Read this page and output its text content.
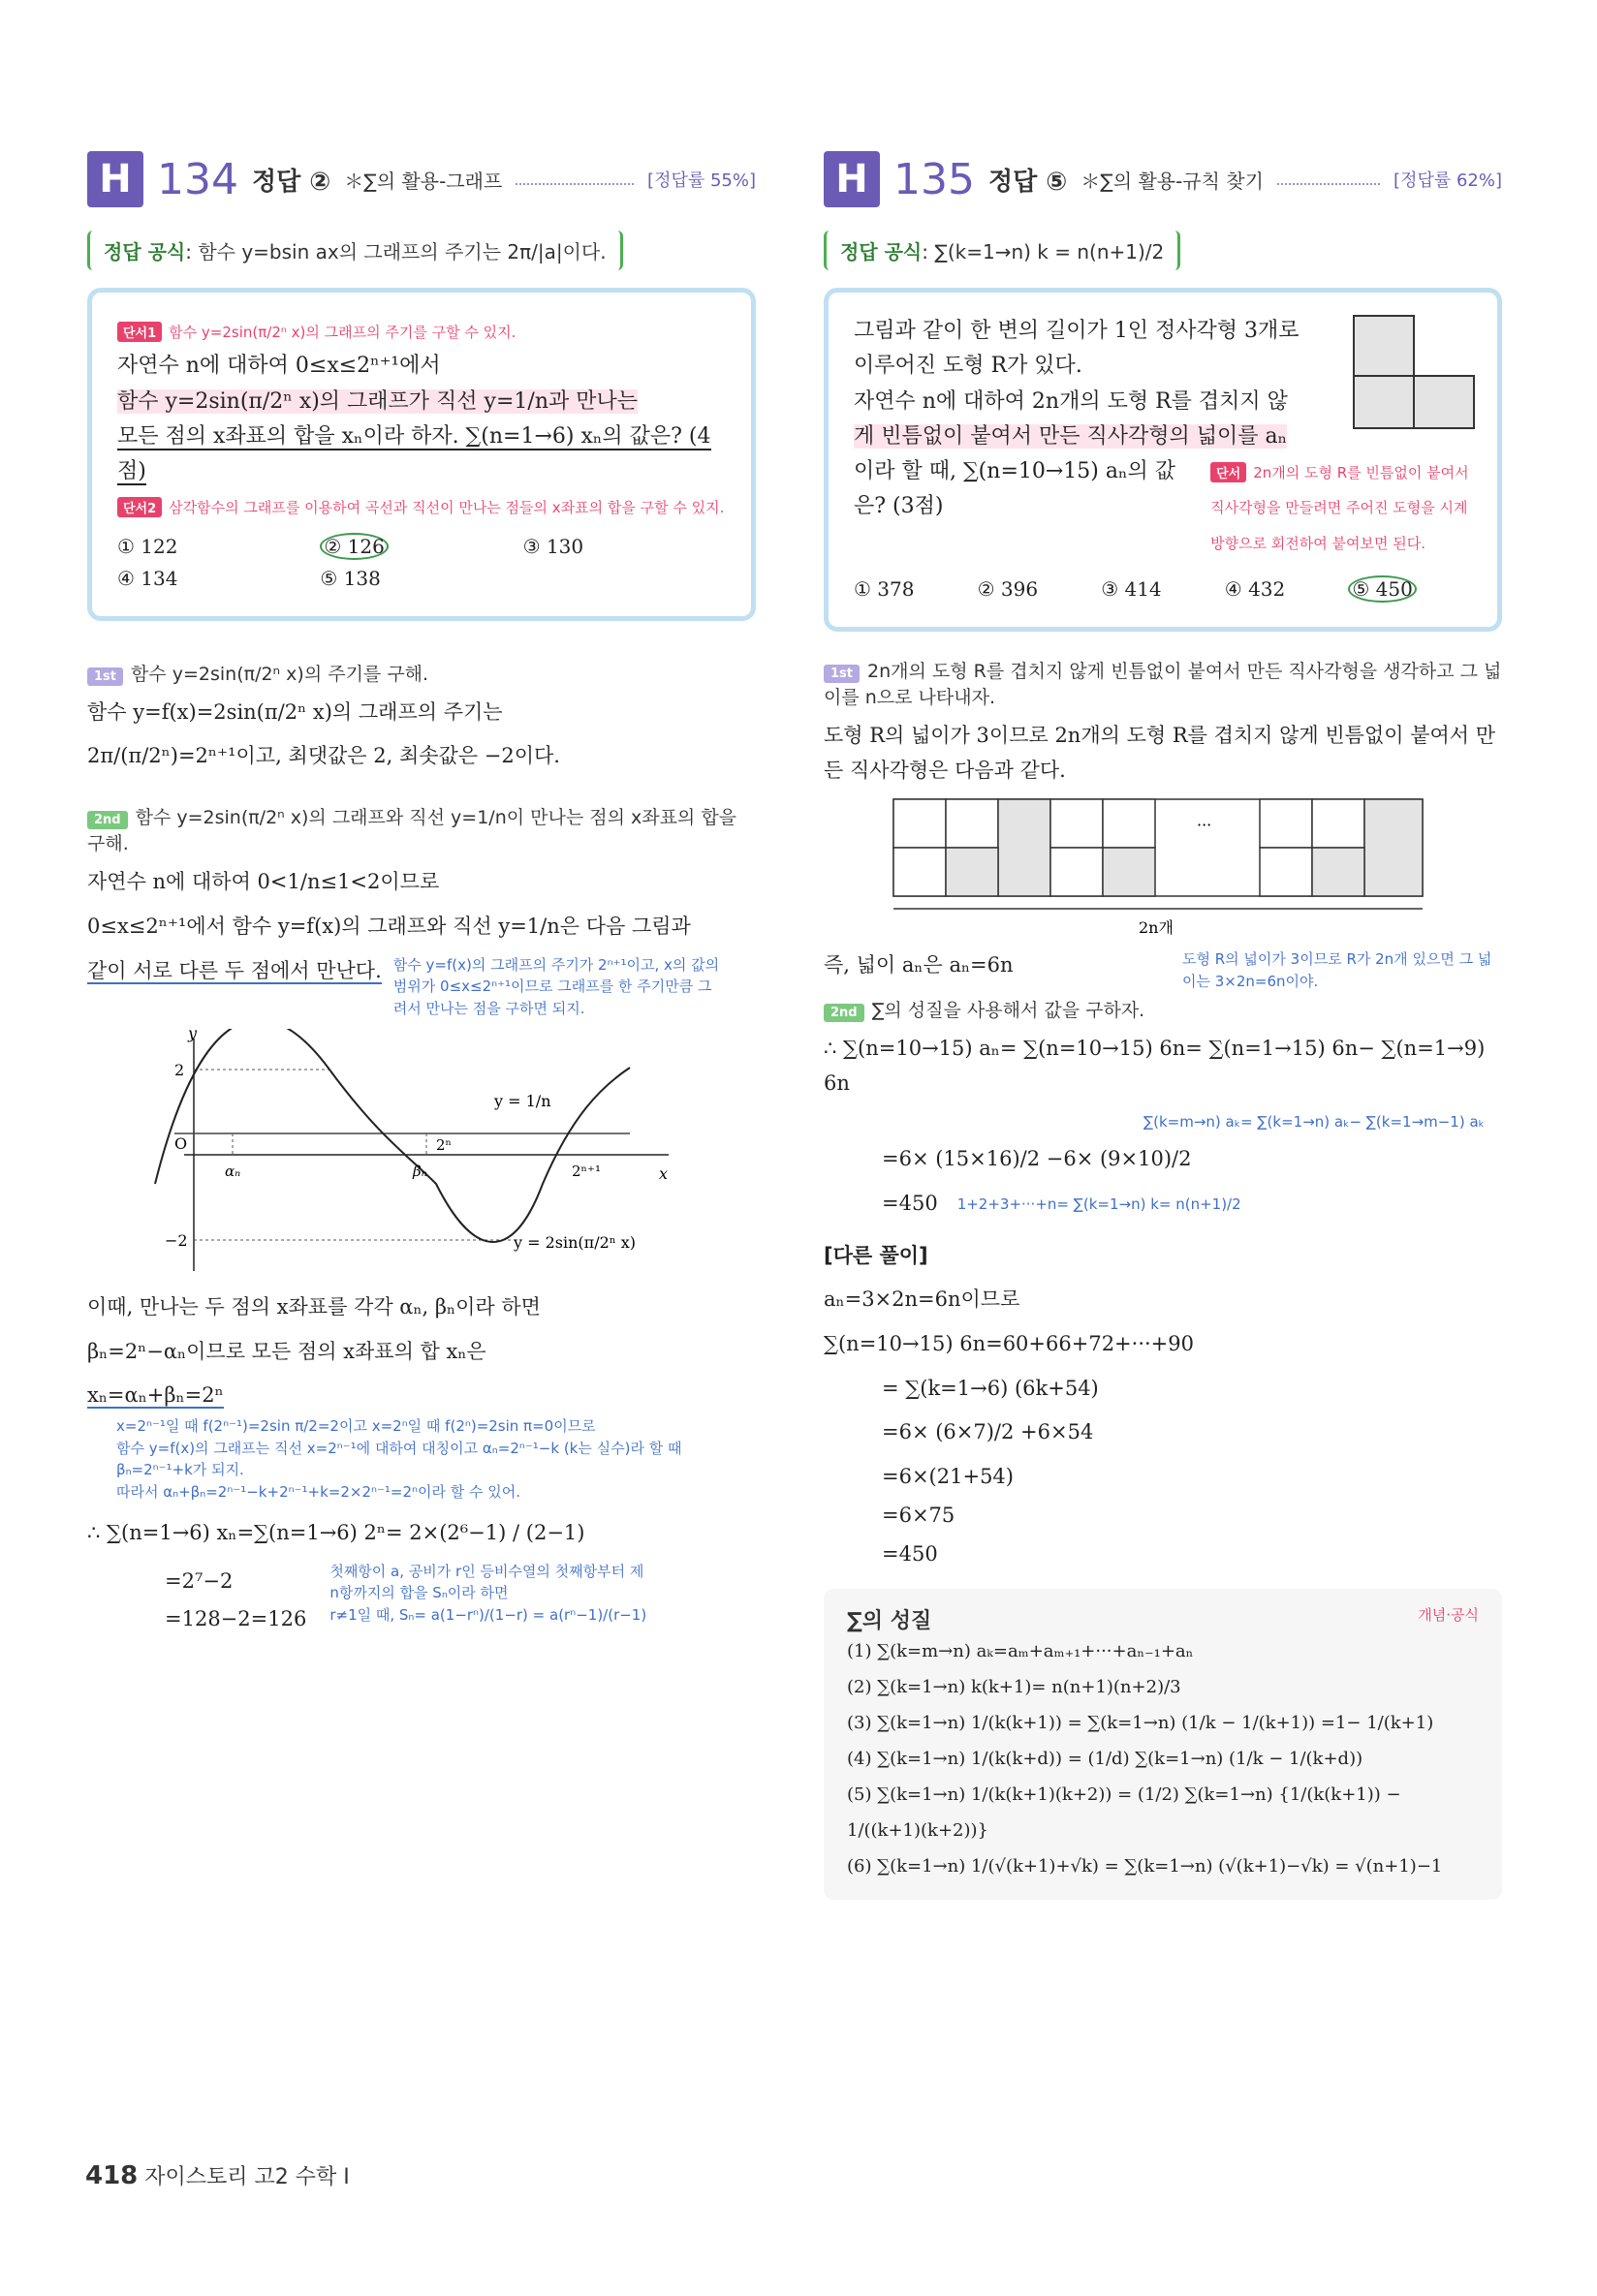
H 134 정답 ② ＊∑의 활용-그래프	[정답률 55%]
정답 공식: 함수 y=bsin ax의 그래프의 주기는 2π/|a|이다.
단서1 함수 y=2sin(π/2ⁿ x)의 그래프의 주기를 구할 수 있지.
자연수 n에 대하여 0≤x≤2ⁿ⁺¹에서
함수 y=2sin(π/2ⁿ x)의 그래프가 직선 y=1/n과 만나는
모든 점의 x좌표의 합을 xₙ이라 하자. ∑(n=1→6) xₙ의 값은? (4점)
단서2 삼각함수의 그래프를 이용하여 곡선과 직선이 만나는 점들의 x좌표의 합을 구할 수 있지.
① 122	② 126	③ 130
④ 134	⑤ 138
1st 함수 y=2sin(π/2ⁿ x)의 주기를 구해.
함수 y=f(x)=2sin(π/2ⁿ x)의 그래프의 주기는
2π/(π/2ⁿ)=2ⁿ⁺¹이고, 최댓값은 2, 최솟값은 −2이다.
2nd 함수 y=2sin(π/2ⁿ x)의 그래프와 직선 y=1/n이 만나는 점의 x좌표의 합을 구해.
자연수 n에 대하여 0<1/n≤1<2이므로
0≤x≤2ⁿ⁺¹에서 함수 y=f(x)의 그래프와 직선 y=1/n은 다음 그림과
같이 서로 다른 두 점에서 만난다. 함수 y=f(x)의 그래프의 주기가 2ⁿ⁺¹이고, x의 값의 범위가 0≤x≤2ⁿ⁺¹이므로 그래프를 한 주기만큼 그려서 만나는 점을 구하면 되지.
y
x
O
2
−2
αₙ	βₙ
2ⁿ
2ⁿ⁺¹
y = 1/n
y = 2sin(π/2ⁿ x)
이때, 만나는 두 점의 x좌표를 각각 αₙ, βₙ이라 하면
βₙ=2ⁿ−αₙ이므로 모든 점의 x좌표의 합 xₙ은
xₙ=αₙ+βₙ=2ⁿ
x=2ⁿ⁻¹일 때 f(2ⁿ⁻¹)=2sin π/2=2이고 x=2ⁿ일 때 f(2ⁿ)=2sin π=0이므로
함수 y=f(x)의 그래프는 직선 x=2ⁿ⁻¹에 대하여 대칭이고 αₙ=2ⁿ⁻¹−k (k는 실수)라 할 때 βₙ=2ⁿ⁻¹+k가 되지.
따라서 αₙ+βₙ=2ⁿ⁻¹−k+2ⁿ⁻¹+k=2×2ⁿ⁻¹=2ⁿ이라 할 수 있어.
∴ ∑(n=1→6) xₙ=∑(n=1→6) 2ⁿ= 2×(2⁶−1) / (2−1)
=2⁷−2
=128−2=126
첫째항이 a, 공비가 r인 등비수열의 첫째항부터 제n항까지의 합을 Sₙ이라 하면
r≠1일 때, Sₙ= a(1−rⁿ)/(1−r) = a(rⁿ−1)/(r−1)
H 135 정답 ⑤ ＊∑의 활용-규칙 찾기	[정답률 62%]
정답 공식: ∑(k=1→n) k = n(n+1)/2
그림과 같이 한 변의 길이가 1인 정사각형 3개로
이루어진 도형 R가 있다.
자연수 n에 대하여 2n개의 도형 R를 겹치지 않
게 빈틈없이 붙여서 만든 직사각형의 넓이를 aₙ
이라 할 때, ∑(n=10→15) aₙ의 값은? (3점)
단서 2n개의 도형 R를 빈틈없이 붙여서 직사각형을 만들려면 주어진 도형을 시계 방향으로 회전하여 붙여보면 된다.
① 378	② 396	③ 414	④ 432	⑤ 450
1st 2n개의 도형 R를 겹치지 않게 빈틈없이 붙여서 만든 직사각형을 생각하고 그 넓이를 n으로 나타내자.
도형 R의 넓이가 3이므로 2n개의 도형 R를 겹치지 않게 빈틈없이 붙여서 만든 직사각형은 다음과 같다.
···
2n개
즉, 넓이 aₙ은 aₙ=6n	도형 R의 넓이가 3이므로 R가 2n개 있으면 그 넓이는 3×2n=6n이야.
2nd ∑의 성질을 사용해서 값을 구하자.
∴ ∑(n=10→15) aₙ= ∑(n=10→15) 6n= ∑(n=1→15) 6n− ∑(n=1→9) 6n
∑(k=m→n) aₖ= ∑(k=1→n) aₖ− ∑(k=1→m−1) aₖ
=6× (15×16)/2 −6× (9×10)/2
=450 1+2+3+···+n= ∑(k=1→n) k= n(n+1)/2
[다른 풀이]
aₙ=3×2n=6n이므로
∑(n=10→15) 6n=60+66+72+···+90
= ∑(k=1→6) (6k+54)
=6× (6×7)/2 +6×54
=6×(21+54)
=6×75
=450
∑의 성질	개념·공식
(1) ∑(k=m→n) aₖ=aₘ+aₘ₊₁+···+aₙ₋₁+aₙ
(2) ∑(k=1→n) k(k+1)= n(n+1)(n+2)/3
(3) ∑(k=1→n) 1/(k(k+1)) = ∑(k=1→n) (1/k − 1/(k+1)) =1− 1/(k+1)
(4) ∑(k=1→n) 1/(k(k+d)) = (1/d) ∑(k=1→n) (1/k − 1/(k+d))
(5) ∑(k=1→n) 1/(k(k+1)(k+2)) = (1/2) ∑(k=1→n) {1/(k(k+1)) − 1/((k+1)(k+2))}
(6) ∑(k=1→n) 1/(√(k+1)+√k) = ∑(k=1→n) (√(k+1)−√k) = √(n+1)−1
418 자이스토리 고2 수학 I
